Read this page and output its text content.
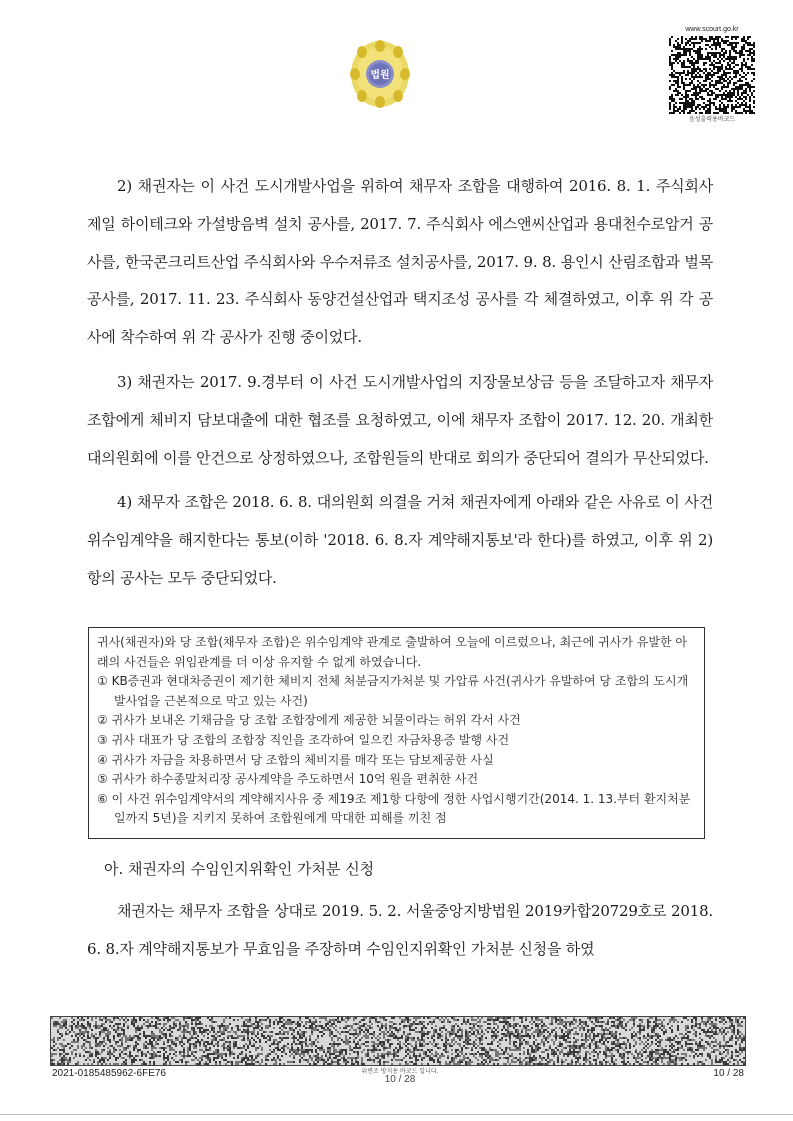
법원
www.scourt.go.kr
음성출력용바코드

2) 채권자는 이 사건 도시개발사업을 위하여 채무자 조합을 대행하여 2016. 8. 1. 주식회사 제일 하이테크와 가설방음벽 설치 공사를, 2017. 7. 주식회사 에스앤씨산업과 용대천수로암거 공사를, 한국콘크리트산업 주식회사와 우수저류조 설치공사를, 2017. 9. 8. 용인시 산림조합과 벌목공사를, 2017. 11. 23. 주식회사 동양건설산업과 택지조성 공사를 각 체결하였고, 이후 위 각 공사에 착수하여 위 각 공사가 진행 중이었다.

3) 채권자는 2017. 9.경부터 이 사건 도시개발사업의 지장물보상금 등을 조달하고자 채무자 조합에게 체비지 담보대출에 대한 협조를 요청하였고, 이에 채무자 조합이 2017. 12. 20. 개최한 대의원회에 이를 안건으로 상정하였으나, 조합원들의 반대로 회의가 중단되어 결의가 무산되었다.

4) 채무자 조합은 2018. 6. 8. 대의원회 의결을 거쳐 채권자에게 아래와 같은 사유로 이 사건 위수임계약을 해지한다는 통보(이하 '2018. 6. 8.자 계약해지통보'라 한다)를 하였고, 이후 위 2)항의 공사는 모두 중단되었다.

귀사(채권자)와 당 조합(채무자 조합)은 위수임계약 관계로 출발하여 오늘에 이르렀으나, 최근에 귀사가 유발한 아래의 사건들은 위임관계를 더 이상 유지할 수 없게 하였습니다.

① KB증권과 현대차증권이 제기한 체비지 전체 처분금지가처분 및 가압류 사건(귀사가 유발하여 당 조합의 도시개발사업을 근본적으로 막고 있는 사건)

② 귀사가 보내온 기채금을 당 조합 조합장에게 제공한 뇌물이라는 허위 각서 사건

③ 귀사 대표가 당 조합의 조합장 직인을 조각하여 일으킨 자금차용증 발행 사건

④ 귀사가 자금을 차용하면서 당 조합의 체비지를 매각 또는 담보제공한 사실

⑤ 귀사가 하수종말처리장 공사계약을 주도하면서 10억 원을 편취한 사건

⑥ 이 사건 위수임계약서의 계약해지사유 중 제19조 제1항 다항에 정한 사업시행기간(2014. 1. 13.부터 환지처분일까지 5년)을 지키지 못하여 조합원에게 막대한 피해를 끼친 점

아. 채권자의 수임인지위확인 가처분 신청

채권자는 채무자 조합을 상대로 2019. 5. 2. 서울중앙지방법원 2019카합20729호로 2018. 6. 8.자 계약해지통보가 무효임을 주장하며 수임인지위확인 가처분 신청을 하였

2021-0185485962-6FE76	위변조 방지용 바코드 입니다.
10 / 28
10 / 28
